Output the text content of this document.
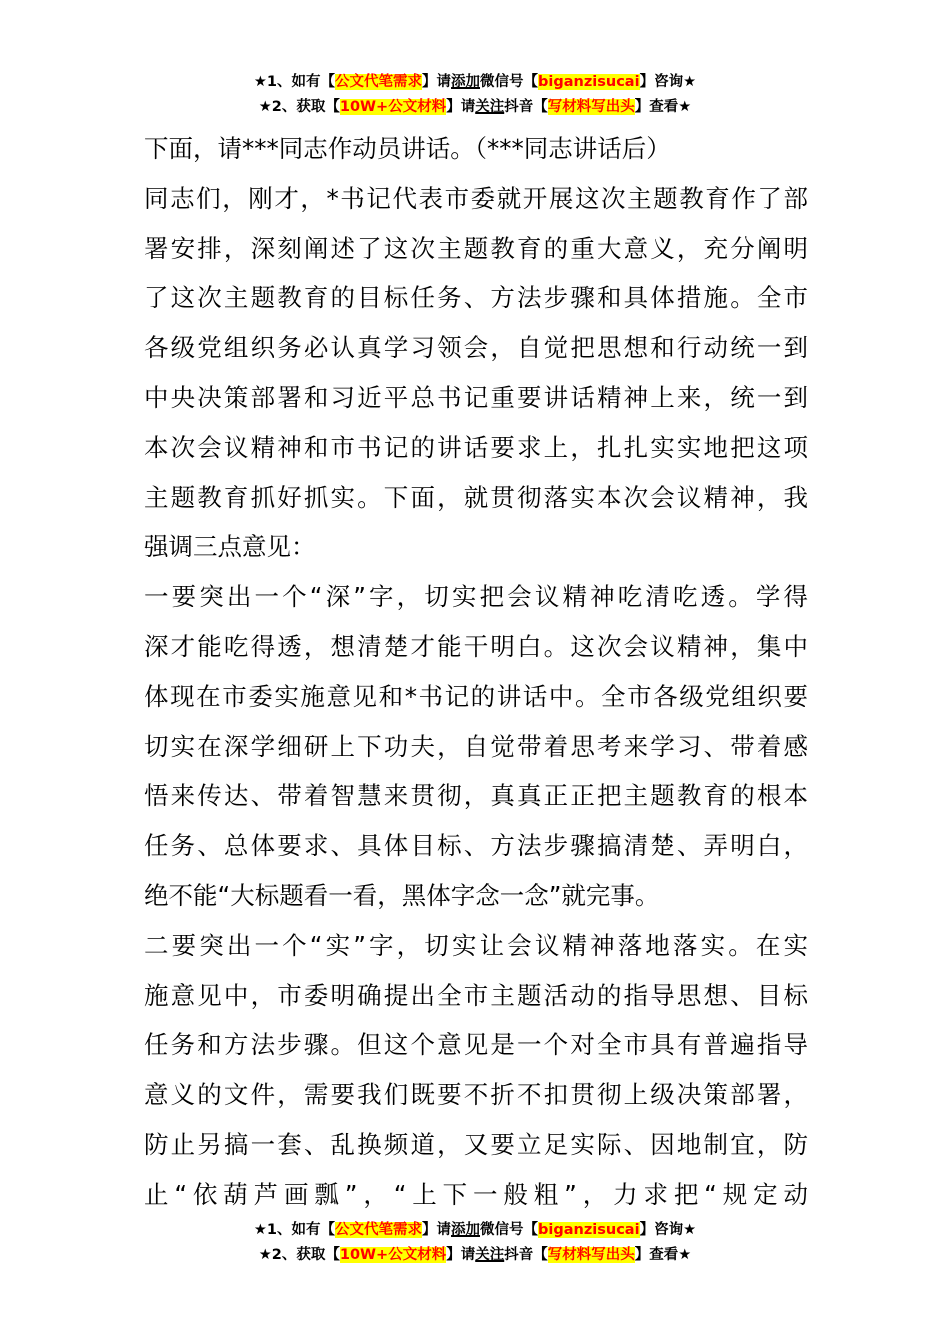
★1、如有【公文代笔需求】请添加微信号【biganzisucai】咨询★
★2、获取【10W+公文材料】请关注抖音【写材料写出头】查看★
下面，请***同志作动员讲话。（***同志讲话后）
同志们，刚才，*书记代表市委就开展这次主题教育作了部
署安排，深刻阐述了这次主题教育的重大意义，充分阐明
了这次主题教育的目标任务、方法步骤和具体措施。全市
各级党组织务必认真学习领会，自觉把思想和行动统一到
中央决策部署和习近平总书记重要讲话精神上来，统一到
本次会议精神和市书记的讲话要求上，扎扎实实地把这项
主题教育抓好抓实。下面，就贯彻落实本次会议精神，我
强调三点意见：
一要突出一个“深”字，切实把会议精神吃清吃透。学得
深才能吃得透，想清楚才能干明白。这次会议精神，集中
体现在市委实施意见和*书记的讲话中。全市各级党组织要
切实在深学细研上下功夫，自觉带着思考来学习、带着感
悟来传达、带着智慧来贯彻，真真正正把主题教育的根本
任务、总体要求、具体目标、方法步骤搞清楚、弄明白，
绝不能“大标题看一看，黑体字念一念”就完事。
二要突出一个“实”字，切实让会议精神落地落实。在实
施意见中，市委明确提出全市主题活动的指导思想、目标
任务和方法步骤。但这个意见是一个对全市具有普遍指导
意义的文件，需要我们既要不折不扣贯彻上级决策部署，
防止另搞一套、乱换频道，又要立足实际、因地制宜，防
止“依葫芦画瓢”，“上下一般粗”，力求把“规定动
★1、如有【公文代笔需求】请添加微信号【biganzisucai】咨询★
★2、获取【10W+公文材料】请关注抖音【写材料写出头】查看★
